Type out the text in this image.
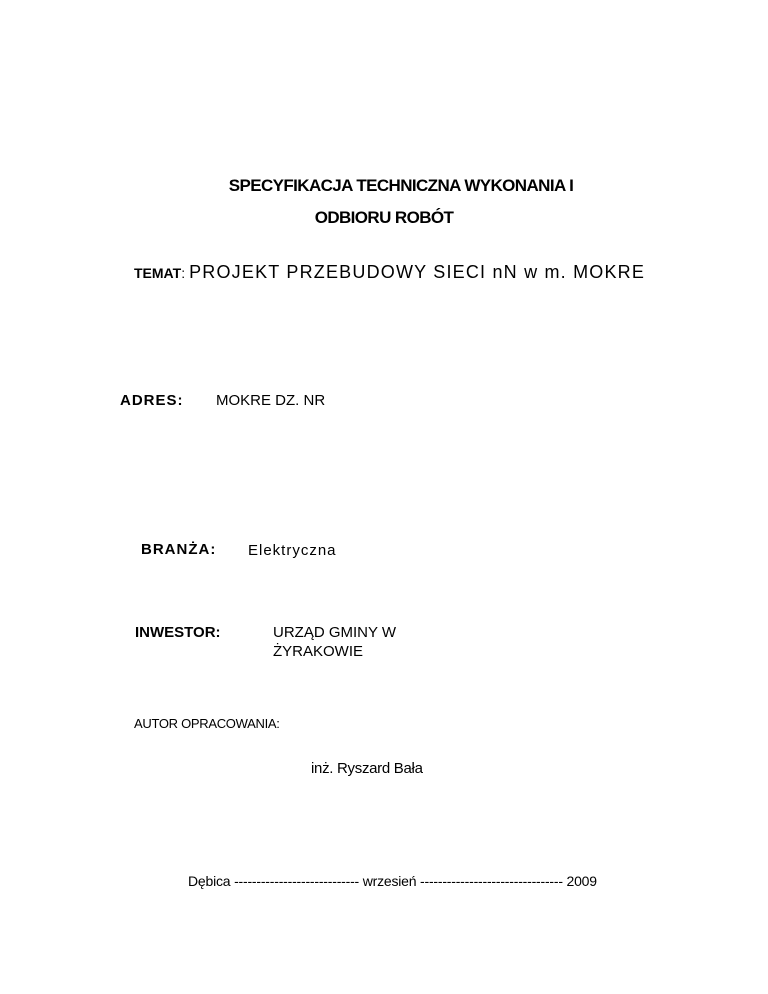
SPECYFIKACJA TECHNICZNA WYKONANIA I
ODBIORU ROBÓT
TEMAT: PROJEKT PRZEBUDOWY SIECI nN w m. MOKRE
ADRES: MOKRE DZ. NR
BRANŻA: Elektryczna
INWESTOR:	URZĄD GMINY W
ŻYRAKOWIE
AUTOR OPRACOWANIA:
inż. Ryszard Bała
Dębica ---------------------------- wrzesień -------------------------------- 2009
